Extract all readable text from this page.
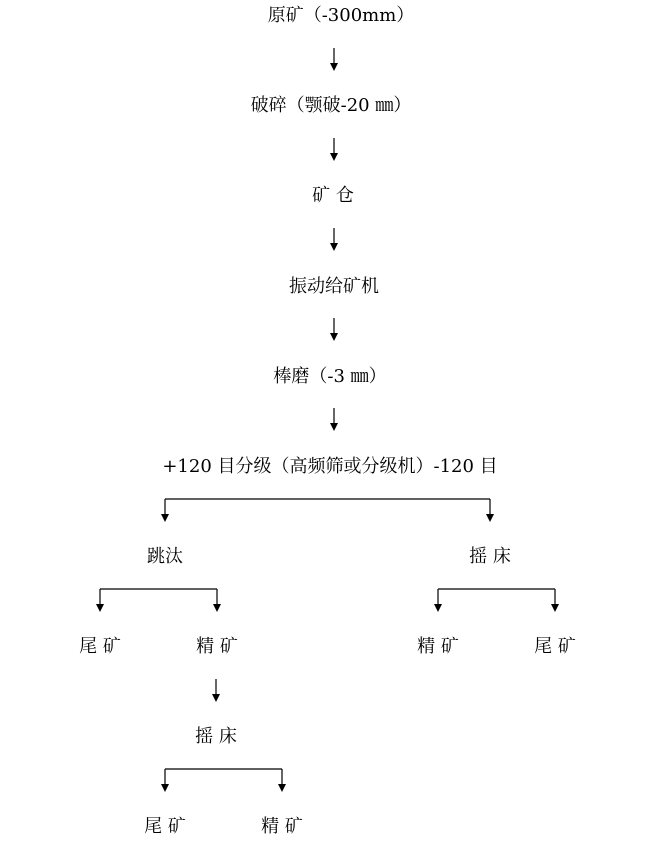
原矿（-300mm）
破碎（颚破-20 ㎜）
矿 仓
振动给矿机
棒磨（-3 ㎜）
+120 目分级（高频筛或分级机）-120 目
跳汰	摇 床
尾 矿	精 矿	精 矿	尾 矿
摇 床
尾 矿	精 矿
